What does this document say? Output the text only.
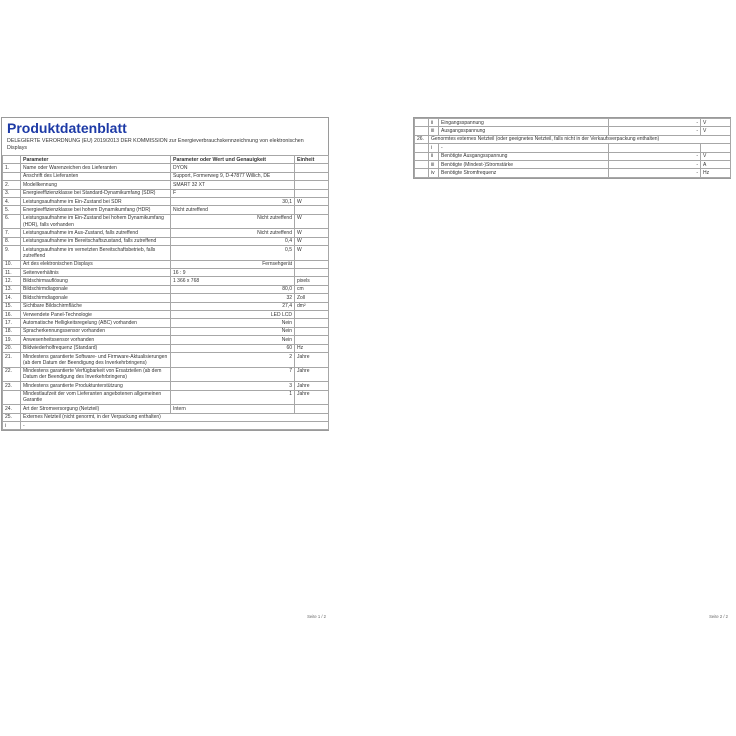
Produktdatenblatt
DELEGIERTE VERORDNUNG (EU) 2019/2013 DER KOMMISSION zur Energieverbrauchskennzeichnung von elektronischen Displays
	Parameter	Parameter oder Wert und Genauigkeit	Einheit
1.	Name oder Warenzeichen des Lieferanten	DYON	
	Anschrift des Lieferanten	Support, Formerweg 9, D-47877 Willich, DE	
2.	Modellkennung	SMART 32 XT	
3.	Energieeffizienzklasse bei Standard-Dynamikumfang (SDR)	F	
4.	Leistungsaufnahme im Ein-Zustand bei SDR	30,1	W
5.	Energieeffizienzklasse bei hohem Dynamikumfang (HDR)	Nicht zutreffend	
6.	Leistungsaufnahme im Ein-Zustand bei hohem Dynamikumfang (HDR), falls vorhanden	Nicht zutreffend	W
7.	Leistungsaufnahme im Aus-Zustand, falls zutreffend	Nicht zutreffend	W
8.	Leistungsaufnahme im Bereitschaftszustand, falls zutreffend	0,4	W
9.	Leistungsaufnahme im vernetzten Bereitschaftsbetrieb, falls zutreffend	0,5	W
10.	Art des elektronischen Displays	Fernsehgerät	
11.	Seitenverhältnis	16 : 9	
12.	Bildschirmauflösung	1 366 x 768	pixels
13.	Bildschirmdiagonale	80,0	cm
14.	Bildschirmdiagonale	32	Zoll
15.	Sichtbare Bildschirmfläche	27,4	dm²
16.	Verwendete Panel-Technologie	LED LCD	
17.	Automatische Helligkeitsregelung (ABC) vorhanden	Nein	
18.	Spracherkennungssensor vorhanden	Nein	
19.	Anwesenheitssensor vorhanden	Nein	
20.	Bildwiederholfrequenz (Standard)	60	Hz
21.	Mindestens garantierte Software- und Firmware-Aktualisierungen (ab dem Datum der Beendigung des Inverkehrbringens)	2	Jahre
22.	Mindestens garantierte Verfügbarkeit von Ersatzteilen (ab dem Datum der Beendigung des Inverkehrbringens)	7	Jahre
23.	Mindestens garantierte Produktunterstützung	3	Jahre
	Mindestlaufzeit der vom Lieferanten angebotenen allgemeinen Garantie	1	Jahre
24.	Art der Stromversorgung (Netzteil)	Intern	
25.	Externes Netzteil (nicht genormt, in der Verpackung enthalten)		
i	-		
Seite 1 / 2
	ii	Eingangsspannung	-	V
	iii	Ausgangsspannung	-	V
26.	Genormtes externes Netzteil (oder geeignetes Netzteil, falls nicht in der Verkaufsverpackung enthalten)			
	i	-		
	ii	Benötigte Ausgangsspannung	-	V
	iii	Benötigte (Mindest-)Stromstärke	-	A
	iv	Benötigte Stromfrequenz	-	Hz
Seite 2 / 2
